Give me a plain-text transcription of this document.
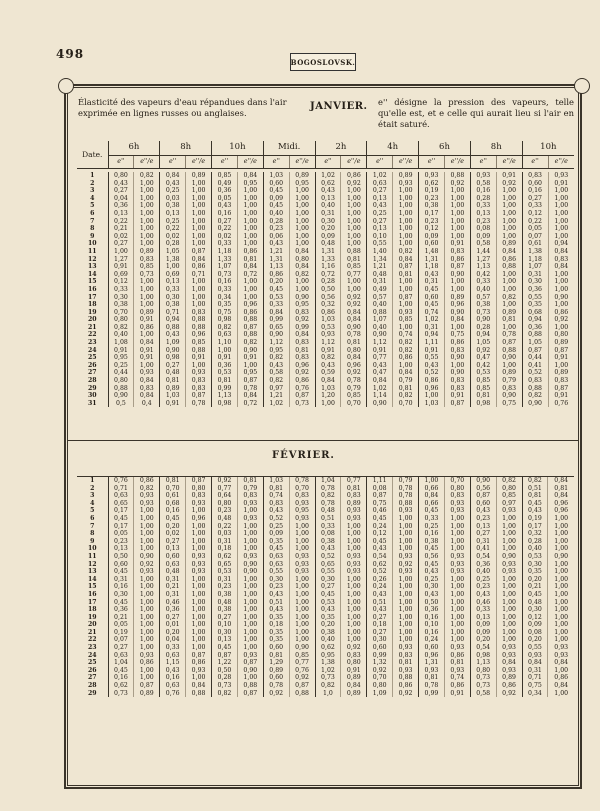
498
BOGOSLOVSK.
Élasticité des vapeurs d'eau répandues dans l'air exprimée en lignes russes ou anglaises.
JANVIER. e'' désigne la pression des vapeurs, telle qu'elle est, et e celle qui aurait lieu si l'air en était saturé.
Date.	6h		8h		10h		Midi.		2h		4h		6h		8h		10h	
	e''	e''/e	e''	e''/e	e''	e''/e	e''	e''/e	e''	e''/e	e''	e''/e	e''	e''/e	e''	e''/e	e''	e''/e

1	0,80	0,82	0,84	0,89	0,85	0,84	1,03	0,89	1,02	0,86	1,02	0,89	0,93	0,88	0,93	0,91	0,83	0,93
2	0,43	1,00	0,43	1,00	0,49	0,95	0,60	0,95	0,62	0,92	0,63	0,93	0,62	0,92	0,58	0,92	0,60	0,91
3	0,27	1,00	0,25	1,00	0,36	1,00	0,45	1,00	0,43	1,00	0,27	1,00	0,19	1,00	0,16	1,00	0,16	1,00
4	0,04	1,00	0,03	1,00	0,05	1,00	0,09	1,00	0,13	1,00	0,13	1,00	0,23	1,00	0,28	1,00	0,27	1,00
5	0,36	1,00	0,38	1,00	0,43	1,00	0,45	1,00	0,40	1,00	0,43	1,00	0,38	1,00	0,33	1,00	0,33	1,00
6	0,13	1,00	0,13	1,00	0,16	1,00	0,40	1,00	0,31	1,00	0,25	1,00	0,17	1,00	0,13	1,00	0,12	1,00
7	0,22	1,00	0,25	1,00	0,27	1,00	0,28	1,00	0,30	1,00	0,27	1,00	0,23	1,00	0,23	1,00	0,22	1,00
8	0,21	1,00	0,22	1,00	0,22	1,00	0,23	1,00	0,20	1,00	0,13	1,00	0,12	1,00	0,08	1,00	0,05	1,00
9	0,02	1,00	0,02	1,00	0,02	1,00	0,06	1,00	0,09	1,00	0,10	1,00	0,09	1,00	0,09	1,00	0,07	1,00
10	0,27	1,00	0,28	1,00	0,33	1,00	0,43	1,00	0,48	1,00	0,55	1,00	0,60	0,91	0,58	0,89	0,61	0,94
11	1,00	0,89	1,05	0,87	1,18	0,86	1,21	0,84	1,31	0,88	1,40	0,82	1,48	0,83	1,44	0,84	1,38	0,84
12	1,27	0,83	1,38	0,84	1,33	0,81	1,31	0,80	1,33	0,81	1,34	0,84	1,31	0,86	1,27	0,86	1,18	0,83
13	0,91	0,85	1,00	0,86	1,07	0,84	1,13	0,84	1,16	0,85	1,21	0,87	1,18	0,87	1,13	0,88	1,07	0,84
14	0,69	0,73	0,69	0,71	0,73	0,72	0,86	0,82	0,72	0,77	0,48	0,81	0,43	0,90	0,42	1,00	0,31	1,00
15	0,12	1,00	0,13	1,00	0,16	1,00	0,20	1,00	0,28	1,00	0,31	1,00	0,31	1,00	0,33	1,00	0,30	1,00
16	0,33	1,00	0,33	1,00	0,33	1,00	0,45	1,00	0,50	1,00	0,49	1,00	0,45	1,00	0,40	1,00	0,36	1,00
17	0,30	1,00	0,30	1,00	0,34	1,00	0,53	0,90	0,56	0,92	0,57	0,87	0,60	0,89	0,57	0,82	0,55	0,90
18	0,38	1,00	0,38	1,00	0,35	0,96	0,33	0,95	0,32	0,92	0,40	1,00	0,45	0,96	0,38	1,00	0,35	1,00
19	0,70	0,89	0,71	0,83	0,75	0,86	0,84	0,83	0,86	0,84	0,88	0,93	0,74	0,90	0,73	0,89	0,68	0,86
20	0,80	0,91	0,94	0,88	0,98	0,88	0,99	0,92	1,03	0,84	1,07	0,85	1,02	0,84	0,90	0,81	0,94	0,92
21	0,82	0,86	0,88	0,88	0,82	0,87	0,65	0,99	0,53	0,90	0,40	1,00	0,31	1,00	0,28	1,00	0,36	1,00
22	0,40	1,00	0,43	0,96	0,63	0,88	0,90	0,84	0,93	0,78	0,90	0,74	0,94	0,75	0,94	0,78	0,88	0,80
23	1,08	0,84	1,09	0,85	1,10	0,82	1,12	0,83	1,12	0,81	1,12	0,82	1,11	0,86	1,05	0,87	1,05	0,89
24	0,91	0,91	0,90	0,88	1,00	0,90	0,95	0,81	0,91	0,80	0,91	0,82	0,91	0,83	0,92	0,88	0,87	0,87
25	0,95	0,91	0,98	0,91	0,91	0,91	0,82	0,83	0,82	0,84	0,77	0,86	0,55	0,90	0,47	0,90	0,44	0,91
26	0,25	1,00	0,27	1,00	0,36	1,00	0,43	0,96	0,43	0,96	0,43	1,00	0,43	1,00	0,42	1,00	0,41	1,00
27	0,44	0,93	0,48	0,93	0,53	0,95	0,58	0,92	0,59	0,92	0,47	0,84	0,52	0,90	0,53	0,89	0,52	0,89
28	0,80	0,84	0,81	0,83	0,81	0,87	0,82	0,86	0,84	0,78	0,84	0,79	0,86	0,83	0,85	0,79	0,83	0,83
29	0,88	0,83	0,89	0,83	0,99	0,78	0,97	0,76	1,03	0,79	1,02	0,81	0,96	0,83	0,85	0,83	0,88	0,87
30	0,90	0,84	1,03	0,87	1,13	0,84	1,21	0,87	1,20	0,85	1,14	0,82	1,00	0,91	0,81	0,90	0,82	0,91
31	0,5	0,4	0,91	0,78	0,98	0,72	1,02	0,73	1,00	0,70	0,90	0,70	1,03	0,87	0,98	0,75	0,90	0,76
FÉVRIER.

1	0,76	0,86	0,81	0,87	0,92	0,81	1,03	0,78	1,04	0,77	1,11	0,79	1,00	0,70	0,90	0,82	0,82	0,84
2	0,71	0,82	0,70	0,80	0,77	0,79	0,81	0,70	0,78	0,81	0,08	0,78	0,66	0,80	0,56	0,80	0,51	0,81
3	0,63	0,93	0,61	0,83	0,64	0,83	0,74	0,83	0,82	0,83	0,87	0,78	0,84	0,83	0,87	0,85	0,81	0,84
4	0,65	0,93	0,68	0,93	0,80	0,93	0,83	0,93	0,78	0,89	0,75	0,88	0,66	0,93	0,60	0,97	0,45	0,96
5	0,17	1,00	0,16	1,00	0,23	1,00	0,43	0,95	0,48	0,93	0,46	0,93	0,45	0,93	0,43	0,93	0,43	0,96
6	0,45	1,00	0,45	0,96	0,48	0,93	0,52	0,93	0,51	0,93	0,45	1,00	0,33	1,00	0,23	1,00	0,19	1,00
7	0,17	1,00	0,20	1,00	0,22	1,00	0,25	1,00	0,33	1,00	0,24	1,00	0,25	1,00	0,13	1,00	0,17	1,00
8	0,05	1,00	0,02	1,00	0,03	1,00	0,09	1,00	0,08	1,00	0,12	1,00	0,16	1,00	0,27	1,00	0,32	1,00
9	0,23	1,00	0,27	1,00	0,31	1,00	0,35	1,00	0,38	1,00	0,45	1,00	0,38	1,00	0,31	1,00	0,28	1,00
10	0,13	1,00	0,13	1,00	0,18	1,00	0,45	1,00	0,43	1,00	0,43	1,00	0,45	1,00	0,41	1,00	0,40	1,00
11	0,50	0,90	0,60	0,93	0,62	0,93	0,63	0,93	0,52	0,93	0,54	0,93	0,56	0,93	0,54	0,90	0,53	0,90
12	0,60	0,92	0,63	0,93	0,65	0,90	0,63	0,93	0,65	0,93	0,62	0,92	0,45	0,93	0,36	0,93	0,30	1,00
13	0,45	0,93	0,48	0,93	0,53	0,90	0,55	0,93	0,55	0,93	0,52	0,93	0,43	0,93	0,40	0,93	0,35	1,00
14	0,31	1,00	0,31	1,00	0,31	1,00	0,30	1,00	0,30	1,00	0,26	1,00	0,25	1,00	0,25	1,00	0,20	1,00
15	0,16	1,00	0,21	1,00	0,23	1,00	0,23	1,00	0,27	1,00	0,24	1,00	0,30	1,00	0,23	1,00	0,21	1,00
16	0,30	1,00	0,31	1,00	0,38	1,00	0,43	1,00	0,45	1,00	0,43	1,00	0,43	1,00	0,43	1,00	0,45	1,00
17	0,45	1,00	0,46	1,00	0,48	1,00	0,51	1,00	0,53	1,00	0,51	1,00	0,50	1,00	0,46	1,00	0,48	1,00
18	0,36	1,00	0,36	1,00	0,38	1,00	0,43	1,00	0,43	1,00	0,43	1,00	0,36	1,00	0,33	1,00	0,30	1,00
19	0,21	1,00	0,27	1,00	0,27	1,00	0,35	1,00	0,35	1,00	0,27	1,00	0,16	1,00	0,13	1,00	0,12	1,00
20	0,05	1,00	0,01	1,00	0,10	1,00	0,18	1,00	0,20	1,00	0,18	1,00	0,10	1,00	0,09	1,00	0,09	1,00
21	0,19	1,00	0,20	1,00	0,30	1,00	0,35	1,00	0,38	1,00	0,27	1,00	0,16	1,00	0,09	1,00	0,08	1,00
22	0,07	1,00	0,04	1,00	0,13	1,00	0,35	1,00	0,40	1,00	0,30	1,00	0,24	1,00	0,20	1,00	0,20	1,00
23	0,27	1,00	0,33	1,00	0,45	1,00	0,60	0,90	0,62	0,92	0,60	0,93	0,60	0,93	0,54	0,93	0,55	0,93
24	0,63	0,93	0,63	0,87	0,87	0,93	0,81	0,85	0,95	0,83	0,99	0,83	0,96	0,86	0,98	0,93	0,93	0,93
25	1,04	0,86	1,15	0,86	1,22	0,87	1,29	0,77	1,38	0,80	1,32	0,81	1,31	0,81	1,13	0,84	0,84	0,84
26	0,45	1,00	0,43	0,93	0,50	0,90	0,89	0,76	1,02	0,91	0,92	0,93	0,93	0,93	0,80	0,93	0,31	1,00
27	0,16	1,00	0,16	1,00	0,28	1,00	0,60	0,92	0,73	0,89	0,70	0,88	0,81	0,74	0,73	0,89	0,71	0,86
28	0,62	0,87	0,63	0,84	0,73	0,88	0,78	0,87	0,82	0,84	0,80	0,86	0,78	0,86	0,73	0,86	0,75	0,84
29	0,73	0,89	0,76	0,88	0,82	0,87	0,92	0,88	1,0	0,89	1,09	0,92	0,99	0,91	0,58	0,92	0,34	1,00
